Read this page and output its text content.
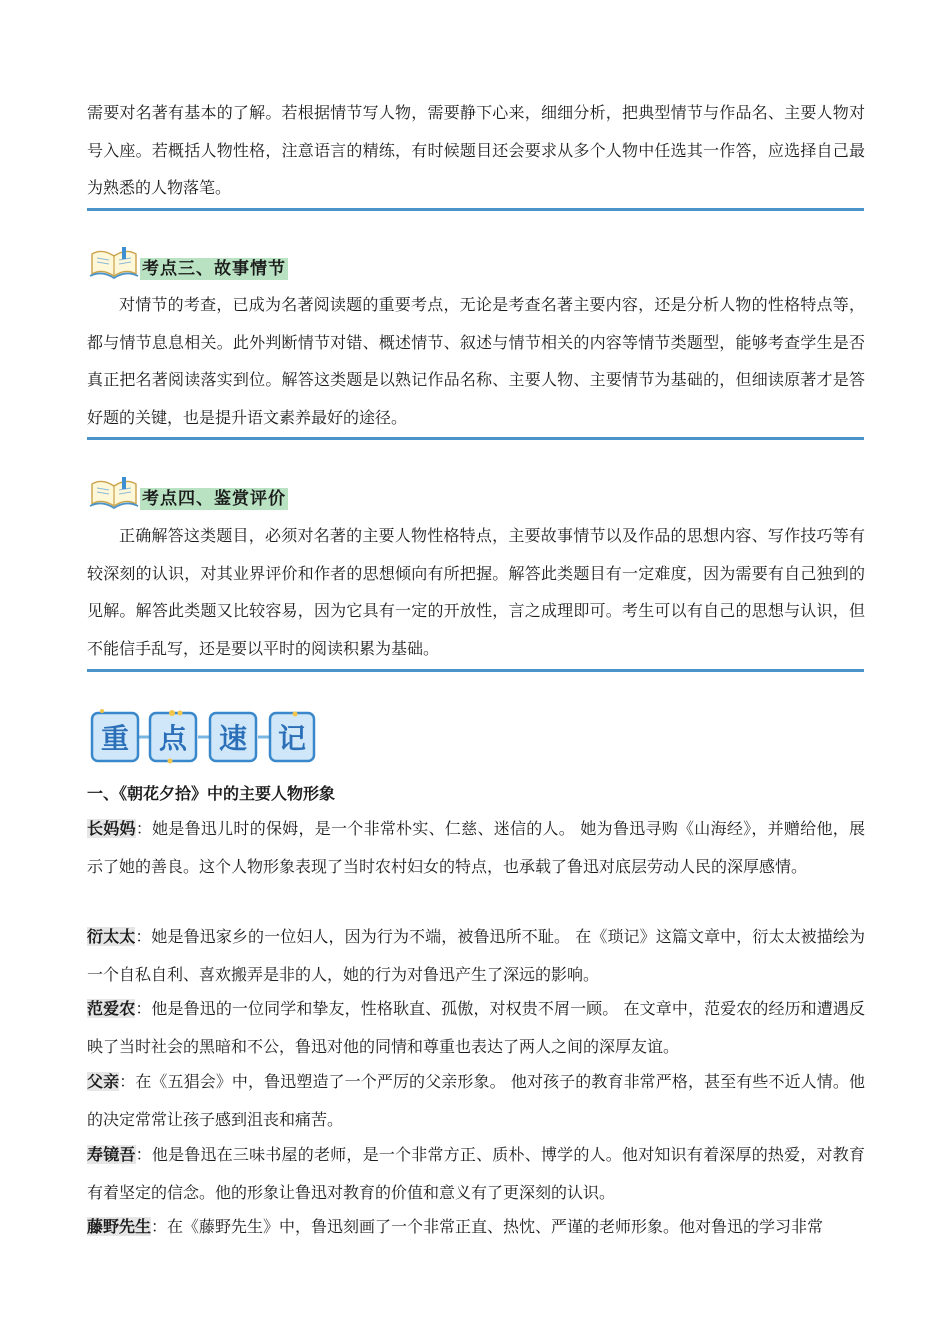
需要对名著有基本的了解。若根据情节写人物，需要静下心来，细细分析，把典型情节与作品名、主要人物对号入座。若概括人物性格，注意语言的精练，有时候题目还会要求从多个人物中任选其一作答，应选择自己最为熟悉的人物落笔。

考点三、故事情节

对情节的考查，已成为名著阅读题的重要考点，无论是考查名著主要内容，还是分析人物的性格特点等，都与情节息息相关。此外判断情节对错、概述情节、叙述与情节相关的内容等情节类题型，能够考查学生是否真正把名著阅读落实到位。解答这类题是以熟记作品名称、主要人物、主要情节为基础的，但细读原著才是答好题的关键，也是提升语文素养最好的途径。

考点四、鉴赏评价

正确解答这类题目，必须对名著的主要人物性格特点，主要故事情节以及作品的思想内容、写作技巧等有较深刻的认识，对其业界评价和作者的思想倾向有所把握。解答此类题目有一定难度，因为需要有自己独到的见解。解答此类题又比较容易，因为它具有一定的开放性，言之成理即可。考生可以有自己的思想与认识，但不能信手乱写，还是要以平时的阅读积累为基础。

重 点 速 记

一、《朝花夕拾》中的主要人物形象

长妈妈：她是鲁迅儿时的保姆，是一个非常朴实、仁慈、迷信的人。 她为鲁迅寻购《山海经》，并赠给他，展示了她的善良。这个人物形象表现了当时农村妇女的特点，也承载了鲁迅对底层劳动人民的深厚感情。

衍太太：她是鲁迅家乡的一位妇人，因为行为不端，被鲁迅所不耻。 在《琐记》这篇文章中，衍太太被描绘为一个自私自利、喜欢搬弄是非的人，她的行为对鲁迅产生了深远的影响。

范爱农：他是鲁迅的一位同学和挚友，性格耿直、孤傲，对权贵不屑一顾。 在文章中，范爱农的经历和遭遇反映了当时社会的黑暗和不公，鲁迅对他的同情和尊重也表达了两人之间的深厚友谊。

父亲：在《五猖会》中，鲁迅塑造了一个严厉的父亲形象。 他对孩子的教育非常严格，甚至有些不近人情。他的决定常常让孩子感到沮丧和痛苦。

寿镜吾：他是鲁迅在三味书屋的老师，是一个非常方正、质朴、博学的人。他对知识有着深厚的热爱，对教育有着坚定的信念。他的形象让鲁迅对教育的价值和意义有了更深刻的认识。

藤野先生：在《藤野先生》中，鲁迅刻画了一个非常正直、热忱、严谨的老师形象。他对鲁迅的学习非常
